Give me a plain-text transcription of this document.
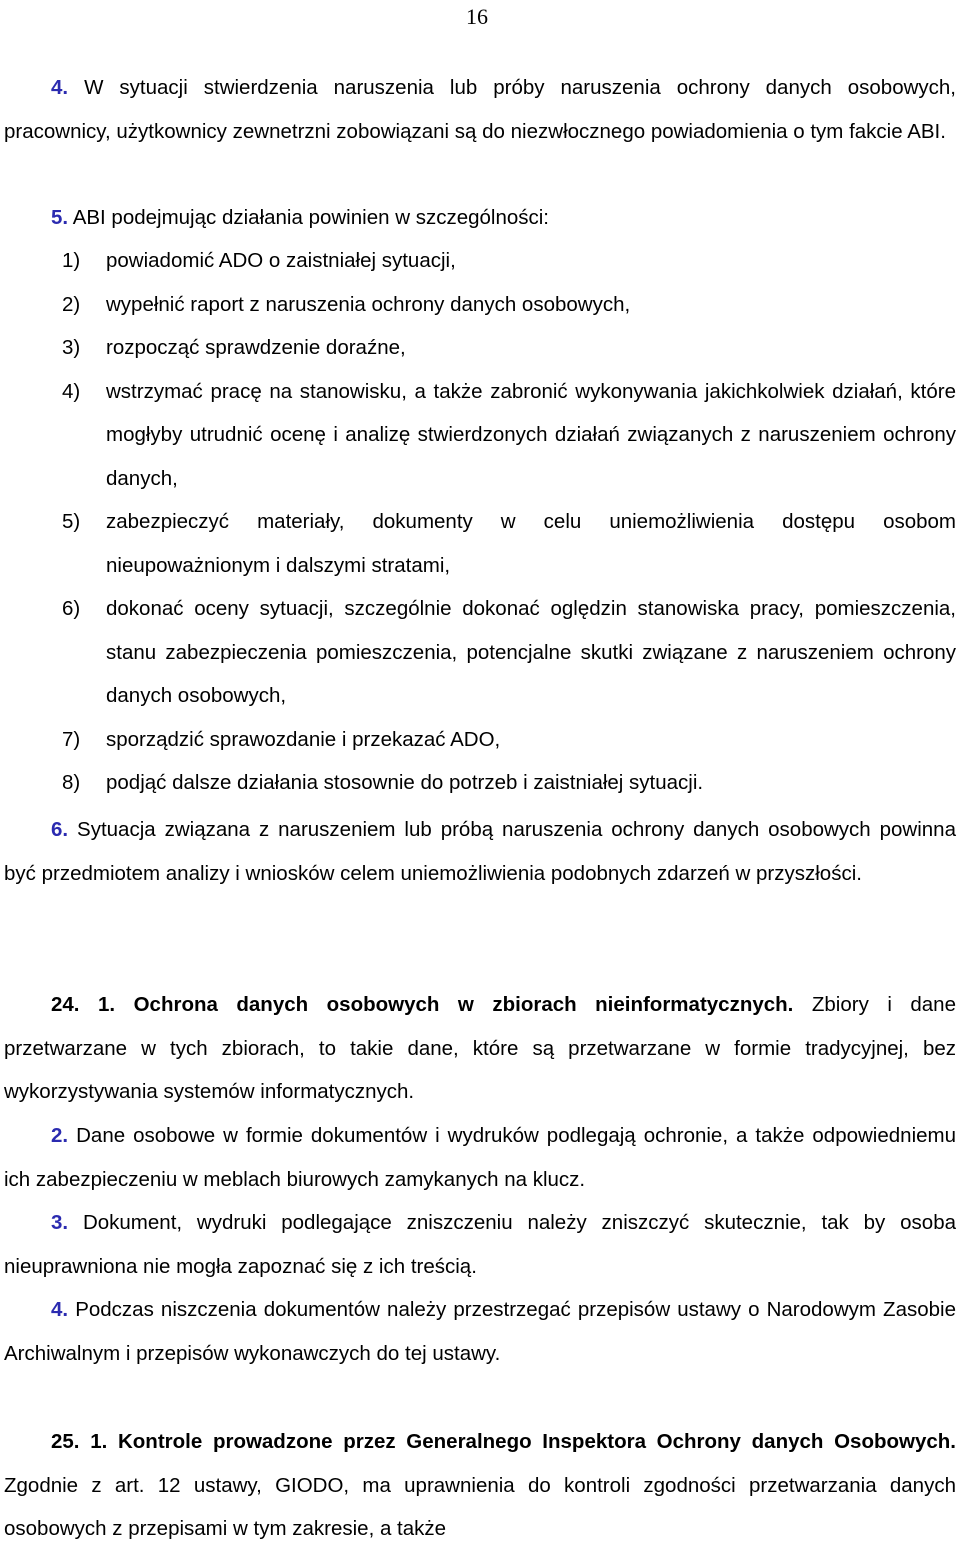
16

4. W sytuacji stwierdzenia naruszenia lub próby naruszenia ochrony danych osobowych, pracownicy, użytkownicy zewnetrzni zobowiązani są do niezwłocznego powiadomienia o tym fakcie ABI.

5. ABI podejmując działania powinien w szczególności:

1) powiadomić ADO o zaistniałej sytuacji,
2) wypełnić raport z naruszenia ochrony danych osobowych,
3) rozpocząć sprawdzenie doraźne,
4) wstrzymać pracę na stanowisku, a także zabronić wykonywania jakichkolwiek działań, które mogłyby utrudnić ocenę i analizę stwierdzonych działań związanych z naruszeniem ochrony danych,
5) zabezpieczyć materiały, dokumenty w celu uniemożliwienia dostępu osobom nieupoważnionym i dalszymi stratami,
6) dokonać oceny sytuacji, szczególnie dokonać oględzin stanowiska pracy, pomieszczenia, stanu zabezpieczenia pomieszczenia, potencjalne skutki związane z naruszeniem ochrony danych osobowych,
7) sporządzić sprawozdanie i przekazać ADO,
8) podjąć dalsze działania stosownie do potrzeb i zaistniałej sytuacji.

6. Sytuacja związana z naruszeniem lub próbą naruszenia ochrony danych osobowych powinna być przedmiotem analizy i wniosków celem uniemożliwienia podobnych zdarzeń w przyszłości.

24. 1. Ochrona danych osobowych w zbiorach nieinformatycznych. Zbiory i dane przetwarzane w tych zbiorach, to takie dane, które są przetwarzane w formie tradycyjnej, bez wykorzystywania systemów informatycznych.

2. Dane osobowe w formie dokumentów i wydruków podlegają ochronie, a także odpowiedniemu ich zabezpieczeniu w meblach biurowych zamykanych na klucz.

3. Dokument, wydruki podlegające zniszczeniu należy zniszczyć skutecznie, tak by osoba nieuprawniona nie mogła zapoznać się z ich treścią.

4. Podczas niszczenia dokumentów należy przestrzegać przepisów ustawy o Narodowym Zasobie Archiwalnym i przepisów wykonawczych do tej ustawy.

25. 1. Kontrole prowadzone przez Generalnego Inspektora Ochrony danych Osobowych. Zgodnie z art. 12 ustawy, GIODO, ma uprawnienia do kontroli zgodności przetwarzania danych osobowych z przepisami w tym zakresie, a także
